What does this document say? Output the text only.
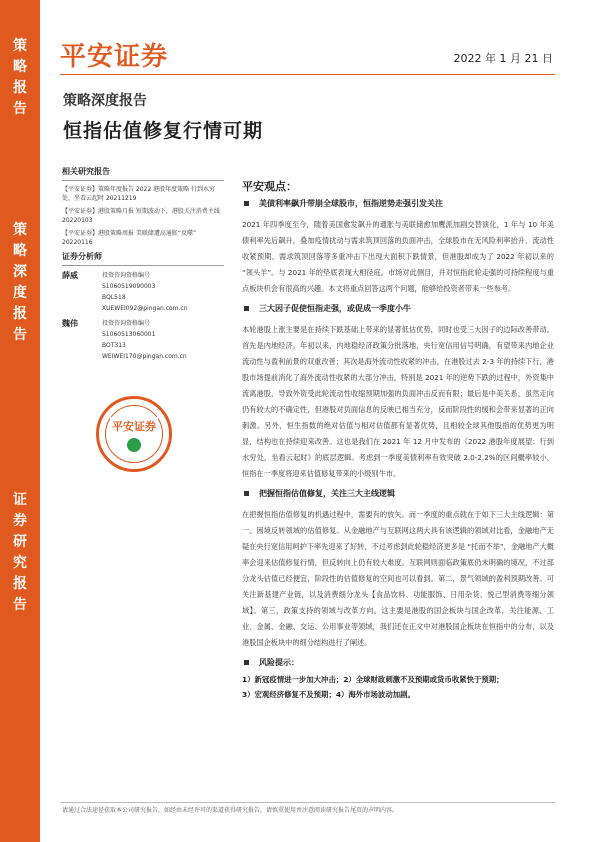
策
略
报
告
策
略
深
度
报
告
证
券
研
究
报
告
平安证券	2022 年 1 月 21 日
策略深度报告
恒指估值修复行情可期
相关研究报告
【平安证券】策略年度报告 2022 港股年度策略 行到水穷处，坐看云起时 20211219
【平安证券】港股策略月报 短期波动下，港股关注消费主线 20220103
【平安证券】港股策略周报 美联储遭高通胀“反噬” 20220116
证券分析师
薛威	投资咨询资格编号
S1060519090003
BQL518
XUEWEI092@pingan.com.cn
魏伟	投资咨询资格编号
S1060513060001
BOT313
WEIWEI170@pingan.com.cn
平安证券
平安观点：
美债利率飙升带崩全球股市，恒指逆势走强引发关注

2021 年四季度至今，随着美国愈发飙升的通胀与美联储愈加鹰派加剧交替演化，1 年与 10 年美债利率先后飙升，叠加疫情扰动与需求筑顶回落的负面冲击，全球股市在无风险利率抬升、流动性收紧预期、需求筑顶回落等多重冲击下出现大面积下跌情景，但港股却成为了 2022 年初以来的 “领头羊”。与 2021 年的垫底表现大相径庭。市场对此侧目，并对恒指此轮走强的可持续程度与重点板块机会有很高的兴趣。本文将重点回答这两个问题，能够给投资者带来一些参考。

三大因子促使恒指走强，或促成一季度小牛

本轮港股上涨主要是在持续下跌基础上带来的显著低估优势，同时也受三大因子的边际改善带动。首先是内地经济。年初以来，内地稳经济政策分批落地，央行宽信用信号明确，有望带来内地企业流动性与盈利前景的双重改善；其次是海外流动性收紧的冲击，在港股过去 2-3 年的持续下行，港股市场提前消化了海外流动性收紧的大部分冲击，特别是 2021 年的逆势下跌的过程中，外资集中流离港股，导致外资受此轮流动性收缩预期加强的负面冲击反而有限；最后是中美关系，虽然走向仍有较大的不确定性，但港股对负面信息的反映已相当充分，反而阶段性的缓和会带来显著的正向刺激。另外，恒生指数的绝对估值与相对估值都有显著优势，且相较全球其他股指的优势更为明显，结构也在持续迎来改善。这也是我们在 2021 年 12 月中发布的《2022 港股年度展望：行到水穷处，坐看云起时》的底层逻辑。考虑到一季度美债利率有效突破 2.0-2.2%的区间概率较小，恒指在一季度将迎来估值修复带来的小级别牛市。

把握恒指估值修复，关注三大主线逻辑

在把握恒指估值修复的机遇过程中，需要有的放矢。而一季度的重点就在于如下三大主线逻辑：第一、困境反转领域的估值修复。从金融地产与互联网这两大具有该逻辑的领域对比看，金融地产无疑在央行宽信用呵护下率先迎来了好转，不过考虑到此轮稳经济更多是 “托而不举”，金融地产大概率会迎来估值修复行情，但反转向上仍有较大难度。互联网则面临政策底仍未明确的境况，不过部分龙头估值已经便宜，阶段性的估值修复的空间也可以看到。第二，景气领域的盈利预期改善。可关注新基建产业链，以及消费细分龙头【食品饮料、功能服饰、日用杂货、悦己型消费等细分领域】。第三，政策支持的领域与改革方向。这主要是港股的国企板块与国企改革，关注能源、工业、金属、金融、交运、公用事业等领域，我们还在正文中对港股国企板块在恒指中的分布，以及港股国企板块中的细分结构进行了阐述。

风险提示：
1）新冠疫情进一步加大冲击；2）全球财政刺激不及预期或货币收紧快于预期；
3）宏观经济修复不及预期；4）海外市场波动加剧。
请通过合法途径获取本公司研究报告，如经由未经许可的渠道获得研究报告，请慎重使用并注意阅读研究报告尾页的声明内容。
